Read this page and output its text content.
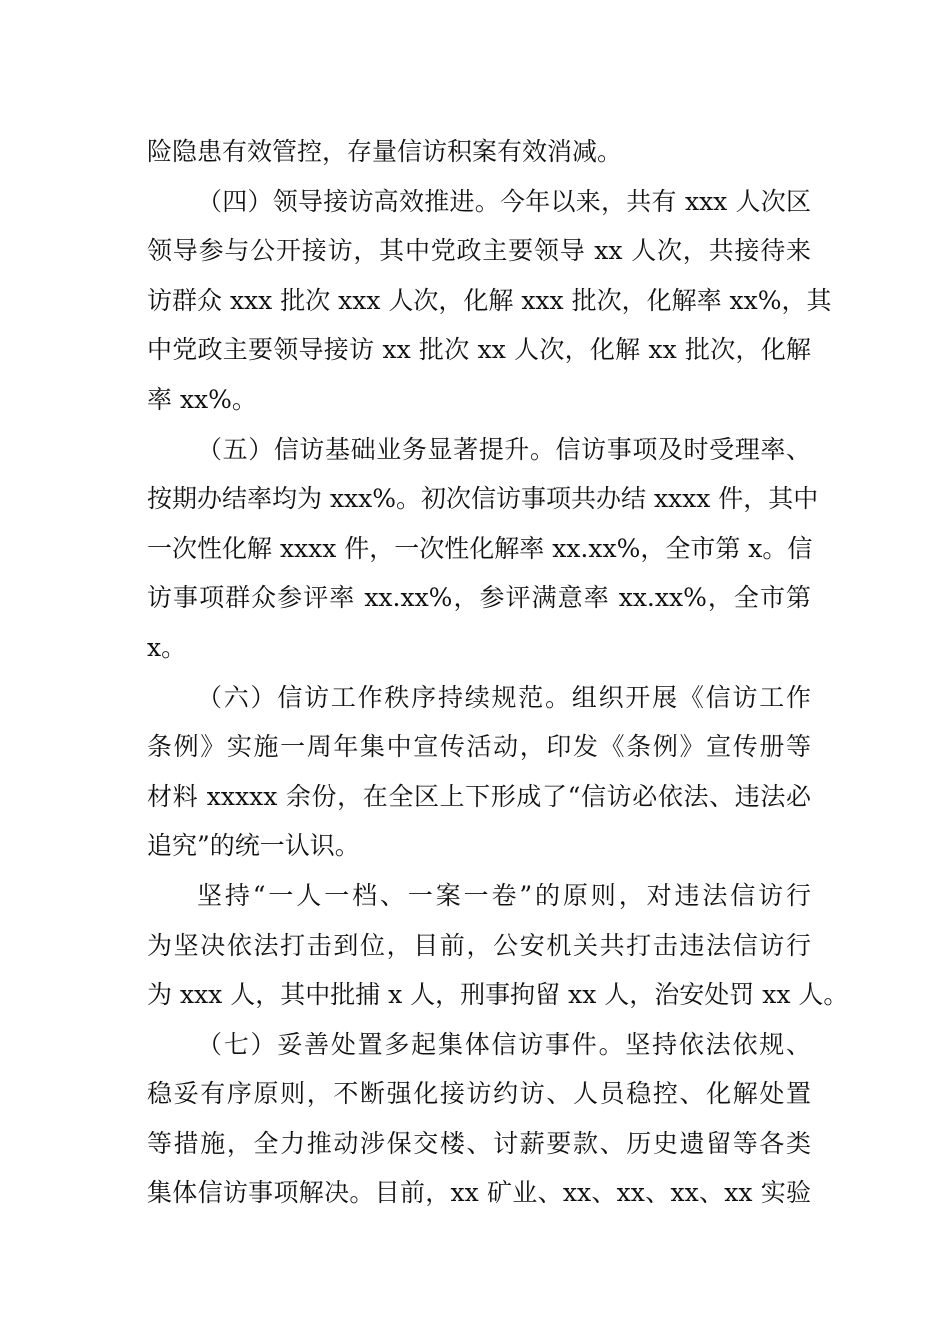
险隐患有效管控，存量信访积案有效消减。
（四）领导接访高效推进。今年以来，共有 xxx 人次区
领导参与公开接访，其中党政主要领导 xx 人次，共接待来
访群众 xxx 批次 xxx 人次，化解 xxx 批次，化解率 xx%，其
中党政主要领导接访 xx 批次 xx 人次，化解 xx 批次，化解
率 xx%。
（五）信访基础业务显著提升。信访事项及时受理率、
按期办结率均为 xxx%。初次信访事项共办结 xxxx 件，其中
一次性化解 xxxx 件，一次性化解率 xx.xx%，全市第 x。信
访事项群众参评率 xx.xx%，参评满意率 xx.xx%，全市第
x。
（六）信访工作秩序持续规范。组织开展《信访工作
条例》实施一周年集中宣传活动，印发《条例》宣传册等
材料 xxxxx 余份，在全区上下形成了“信访必依法、违法必
追究”的统一认识。
坚持“一人一档、一案一卷”的原则，对违法信访行
为坚决依法打击到位，目前，公安机关共打击违法信访行
为 xxx 人，其中批捕 x 人，刑事拘留 xx 人，治安处罚 xx 人。
（七）妥善处置多起集体信访事件。坚持依法依规、
稳妥有序原则，不断强化接访约访、人员稳控、化解处置
等措施，全力推动涉保交楼、讨薪要款、历史遗留等各类
集体信访事项解决。目前，xx 矿业、xx、xx、xx、xx 实验
